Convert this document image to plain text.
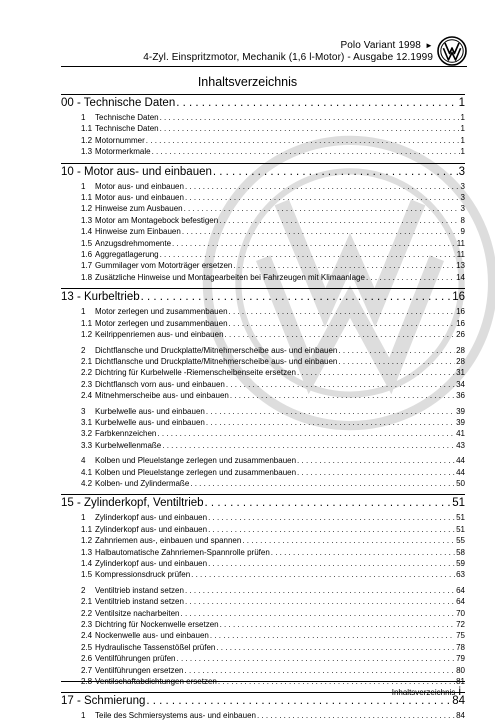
Polo Variant 1998 ►
4-Zyl. Einspritzmotor, Mechanik (1,6 l-Motor) - Ausgabe 12.1999
Inhaltsverzeichnis
00 - Technische Daten . . .	1
1	Technische Daten . . .	1
1.1 Technische Daten . . .	1
1.2 Motornummer . . .	1
1.3 Motormerkmale . . .	1
10 - Motor aus- und einbauen . . .	3
1	Motor aus- und einbauen . . .	3
1.1 Motor aus- und einbauen . . .	3
1.2 Hinweise zum Ausbauen . . .	3
1.3 Motor am Montagebock befestigen . . .	8
1.4 Hinweise zum Einbauen . . .	9
1.5 Anzugsdrehmomente . . .	11
1.6 Aggregatlagerung . . .	11
1.7 Gummilager vom Motorträger ersetzen . . .	13
1.8 Zusätzliche Hinweise und Montagearbeiten bei Fahrzeugen mit Klimaanlage . . .	14
13 - Kurbeltrieb . . .	16
1	Motor zerlegen und zusammenbauen . . .	16
1.1 Motor zerlegen und zusammenbauen . . .	16
1.2 Keilrippenriemen aus- und einbauen . . .	26
2	Dichtflansche und Druckplatte/Mitnehmerscheibe aus- und einbauen . . .	28
2.1 Dichtflansche und Druckplatte/Mitnehmerscheibe aus- und einbauen . . .	28
2.2 Dichtring für Kurbelwelle -Riemenscheibenseite ersetzen . . .	31
2.3 Dichtflansch vorn aus- und einbauen . . .	34
2.4 Mitnehmerscheibe aus- und einbauen . . .	36
3	Kurbelwelle aus- und einbauen . . .	39
3.1 Kurbelwelle aus- und einbauen . . .	39
3.2 Farbkennzeichen . . .	41
3.3 Kurbelwellenmaße . . .	43
4	Kolben und Pleuelstange zerlegen und zusammenbauen . . .	44
4.1 Kolben und Pleuelstange zerlegen und zusammenbauen . . .	44
4.2 Kolben- und Zylindermaße . . .	50
15 - Zylinderkopf, Ventiltrieb . . .	51
1	Zylinderkopf aus- und einbauen . . .	51
1.1 Zylinderkopf aus- und einbauen . . .	51
1.2 Zahnriemen aus-, einbauen und spannen . . .	55
1.3 Halbautomatische Zahnriemen-Spannrolle prüfen . . .	58
1.4 Zylinderkopf aus- und einbauen . . .	59
1.5 Kompressionsdruck prüfen . . .	63
2	Ventiltrieb instand setzen . . .	64
2.1 Ventiltrieb instand setzen . . .	64
2.2 Ventilsitze nacharbeiten . . .	70
2.3 Dichtring für Nockenwelle ersetzen . . .	72
2.4 Nockenwelle aus- und einbauen . . .	75
2.5 Hydraulische Tassenstößel prüfen . . .	78
2.6 Ventilführungen prüfen . . .	79
2.7 Ventilführungen ersetzen . . .	80
2.8 Ventilschaftabdichtungen ersetzen . . .	81
17 - Schmierung . . .	84
1	Teile des Schmiersystems aus- und einbauen . . .	84
Inhaltsverzeichnis i
